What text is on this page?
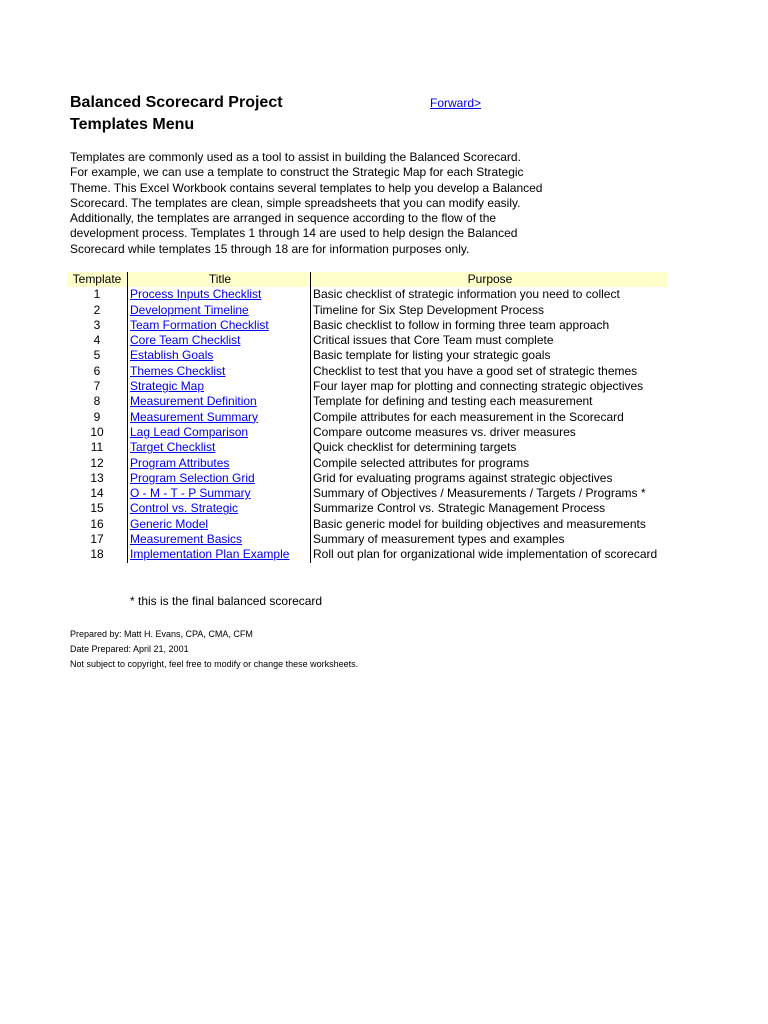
Balanced Scorecard Project
Templates Menu
Forward>

Templates are commonly used as a tool to assist in building the Balanced Scorecard.
For example, we can use a template to construct the Strategic Map for each Strategic
Theme. This Excel Workbook contains several templates to help you develop a Balanced
Scorecard. The templates are clean, simple spreadsheets that you can modify easily.
Additionally, the templates are arranged in sequence according to the flow of the
development process. Templates 1 through 14 are used to help design the Balanced
Scorecard while templates 15 through 18 are for information purposes only.

Template	Title	Purpose
1	Process Inputs Checklist	Basic checklist of strategic information you need to collect
2	Development Timeline	Timeline for Six Step Development Process
3	Team Formation Checklist	Basic checklist to follow in forming three team approach
4	Core Team Checklist	Critical issues that Core Team must complete
5	Establish Goals	Basic template for listing your strategic goals
6	Themes Checklist	Checklist to test that you have a good set of strategic themes
7	Strategic Map	Four layer map for plotting and connecting strategic objectives
8	Measurement Definition	Template for defining and testing each measurement
9	Measurement Summary	Compile attributes for each measurement in the Scorecard
10	Lag Lead Comparison	Compare outcome measures vs. driver measures
11	Target Checklist	Quick checklist for determining targets
12	Program Attributes	Compile selected attributes for programs
13	Program Selection Grid	Grid for evaluating programs against strategic objectives
14	O - M - T - P Summary	Summary of Objectives / Measurements / Targets / Programs *
15	Control vs. Strategic	Summarize Control vs. Strategic Management Process
16	Generic Model	Basic generic model for building objectives and measurements
17	Measurement Basics	Summary of measurement types and examples
18	Implementation Plan Example	Roll out plan for organizational wide implementation of scorecard
* this is the final balanced scorecard
Prepared by: Matt H. Evans, CPA, CMA, CFM
Date Prepared: April 21, 2001
Not subject to copyright, feel free to modify or change these worksheets.
